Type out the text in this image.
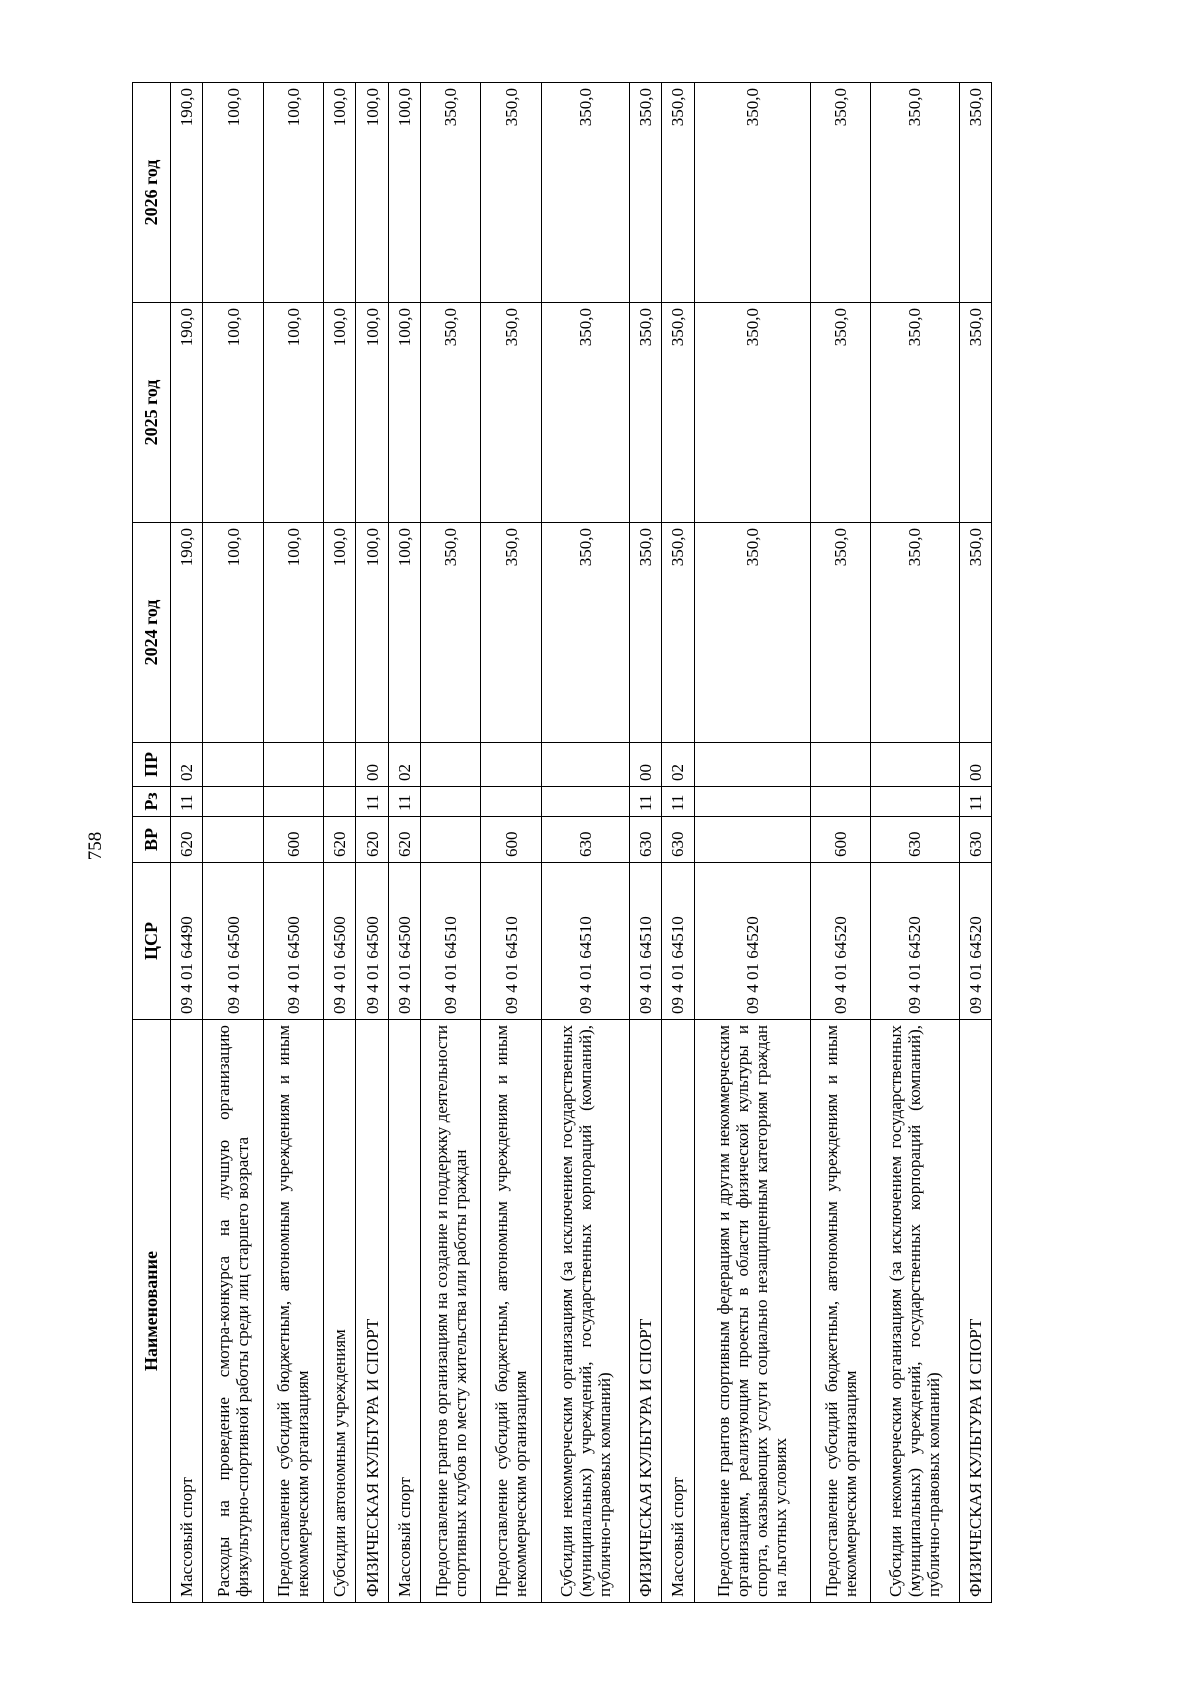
758
Наименование	ЦСР	ВР	Рз	ПР	2024 год	2025 год	2026 год
Массовый спорт	09 4 01 64490	620	11	02	190,0	190,0	190,0
Расходы на проведение смотра-конкурса на лучшую организацию физкультурно-спортивной работы среди лиц старшего возраста	09 4 01 64500				100,0	100,0	100,0
Предоставление субсидий бюджетным, автономным учреждениям и иным некоммерческим организациям	09 4 01 64500	600			100,0	100,0	100,0
Субсидии автономным учреждениям	09 4 01 64500	620			100,0	100,0	100,0
ФИЗИЧЕСКАЯ КУЛЬТУРА И СПОРТ	09 4 01 64500	620	11	00	100,0	100,0	100,0
Массовый спорт	09 4 01 64500	620	11	02	100,0	100,0	100,0
Предоставление грантов организациям на создание и поддержку деятельности спортивных клубов по месту жительства или работы граждан	09 4 01 64510				350,0	350,0	350,0
Предоставление субсидий бюджетным, автономным учреждениям и иным некоммерческим организациям	09 4 01 64510	600			350,0	350,0	350,0
Субсидии некоммерческим организациям (за исключением государственных (муниципальных) учреждений, государственных корпораций (компаний), публично-правовых компаний)	09 4 01 64510	630			350,0	350,0	350,0
ФИЗИЧЕСКАЯ КУЛЬТУРА И СПОРТ	09 4 01 64510	630	11	00	350,0	350,0	350,0
Массовый спорт	09 4 01 64510	630	11	02	350,0	350,0	350,0
Предоставление грантов спортивным федерациям и другим некоммерческим организациям, реализующим проекты в области физической культуры и спорта, оказывающих услуги социально незащищенным категориям граждан на льготных условиях	09 4 01 64520				350,0	350,0	350,0
Предоставление субсидий бюджетным, автономным учреждениям и иным некоммерческим организациям	09 4 01 64520	600			350,0	350,0	350,0
Субсидии некоммерческим организациям (за исключением государственных (муниципальных) учреждений, государственных корпораций (компаний), публично-правовых компаний)	09 4 01 64520	630			350,0	350,0	350,0
ФИЗИЧЕСКАЯ КУЛЬТУРА И СПОРТ	09 4 01 64520	630	11	00	350,0	350,0	350,0
